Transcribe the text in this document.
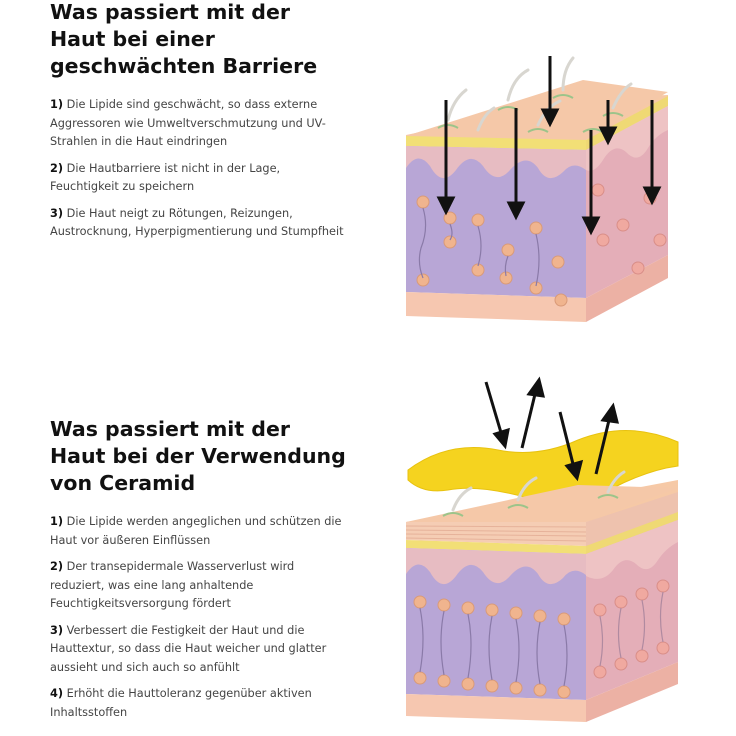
Was passiert mit der Haut bei einer geschwächten Barriere

1) Die Lipide sind geschwächt, so dass externe Aggressoren wie Umweltverschmutzung und UV-Strahlen in die Haut eindringen

2) Die Hautbarriere ist nicht in der Lage, Feuchtigkeit zu speichern

3) Die Haut neigt zu Rötungen, Reizungen, Austrocknung, Hyperpigmentierung und Stumpfheit

Was passiert mit der Haut bei der Verwendung von Ceramid

1) Die Lipide werden angeglichen und schützen die Haut vor äußeren Einflüssen

2) Der transepidermale Wasserverlust wird reduziert, was eine lang anhaltende Feuchtigkeitsversorgung fördert

3) Verbessert die Festigkeit der Haut und die Hauttextur, so dass die Haut weicher und glatter aussieht und sich auch so anfühlt

4) Erhöht die Hauttoleranz gegenüber aktiven Inhaltsstoffen
